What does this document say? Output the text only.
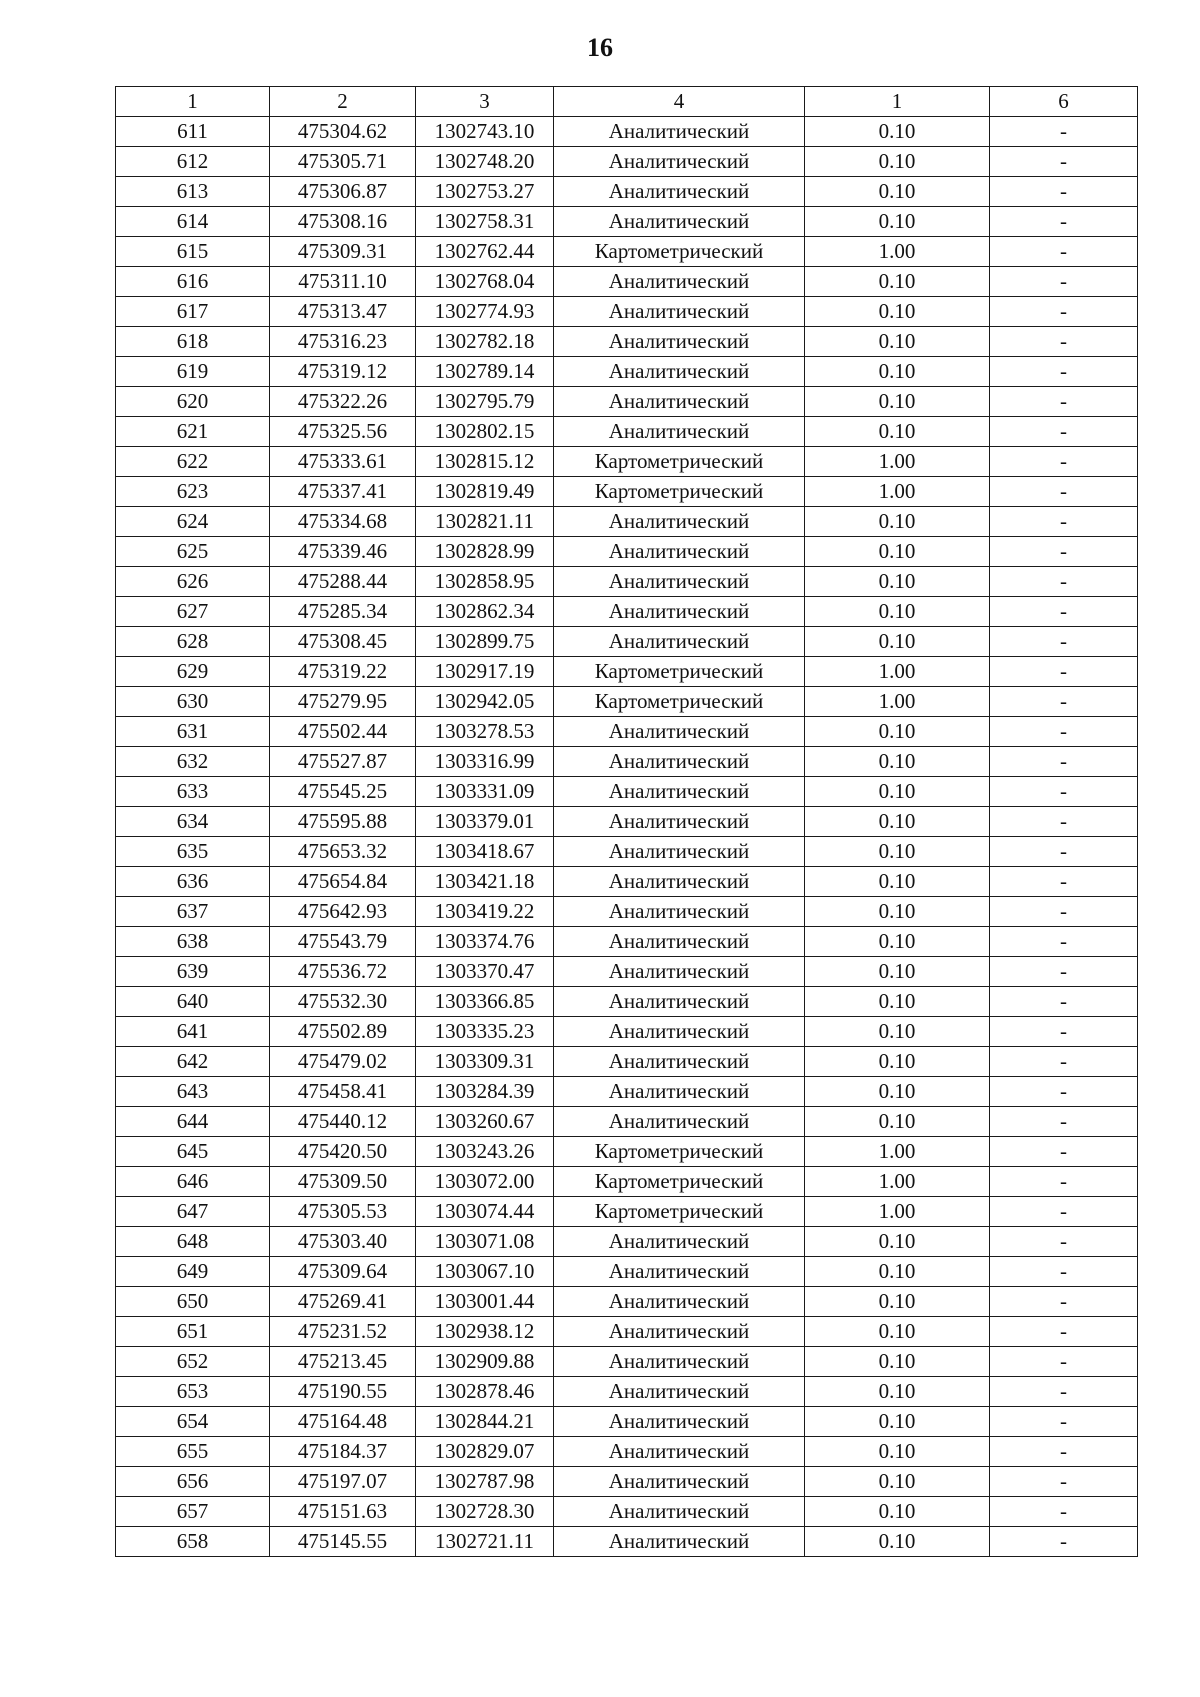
16
1	2	3	4	1	6
611	475304.62	1302743.10	Аналитический	0.10	-
612	475305.71	1302748.20	Аналитический	0.10	-
613	475306.87	1302753.27	Аналитический	0.10	-
614	475308.16	1302758.31	Аналитический	0.10	-
615	475309.31	1302762.44	Картометрический	1.00	-
616	475311.10	1302768.04	Аналитический	0.10	-
617	475313.47	1302774.93	Аналитический	0.10	-
618	475316.23	1302782.18	Аналитический	0.10	-
619	475319.12	1302789.14	Аналитический	0.10	-
620	475322.26	1302795.79	Аналитический	0.10	-
621	475325.56	1302802.15	Аналитический	0.10	-
622	475333.61	1302815.12	Картометрический	1.00	-
623	475337.41	1302819.49	Картометрический	1.00	-
624	475334.68	1302821.11	Аналитический	0.10	-
625	475339.46	1302828.99	Аналитический	0.10	-
626	475288.44	1302858.95	Аналитический	0.10	-
627	475285.34	1302862.34	Аналитический	0.10	-
628	475308.45	1302899.75	Аналитический	0.10	-
629	475319.22	1302917.19	Картометрический	1.00	-
630	475279.95	1302942.05	Картометрический	1.00	-
631	475502.44	1303278.53	Аналитический	0.10	-
632	475527.87	1303316.99	Аналитический	0.10	-
633	475545.25	1303331.09	Аналитический	0.10	-
634	475595.88	1303379.01	Аналитический	0.10	-
635	475653.32	1303418.67	Аналитический	0.10	-
636	475654.84	1303421.18	Аналитический	0.10	-
637	475642.93	1303419.22	Аналитический	0.10	-
638	475543.79	1303374.76	Аналитический	0.10	-
639	475536.72	1303370.47	Аналитический	0.10	-
640	475532.30	1303366.85	Аналитический	0.10	-
641	475502.89	1303335.23	Аналитический	0.10	-
642	475479.02	1303309.31	Аналитический	0.10	-
643	475458.41	1303284.39	Аналитический	0.10	-
644	475440.12	1303260.67	Аналитический	0.10	-
645	475420.50	1303243.26	Картометрический	1.00	-
646	475309.50	1303072.00	Картометрический	1.00	-
647	475305.53	1303074.44	Картометрический	1.00	-
648	475303.40	1303071.08	Аналитический	0.10	-
649	475309.64	1303067.10	Аналитический	0.10	-
650	475269.41	1303001.44	Аналитический	0.10	-
651	475231.52	1302938.12	Аналитический	0.10	-
652	475213.45	1302909.88	Аналитический	0.10	-
653	475190.55	1302878.46	Аналитический	0.10	-
654	475164.48	1302844.21	Аналитический	0.10	-
655	475184.37	1302829.07	Аналитический	0.10	-
656	475197.07	1302787.98	Аналитический	0.10	-
657	475151.63	1302728.30	Аналитический	0.10	-
658	475145.55	1302721.11	Аналитический	0.10	-
